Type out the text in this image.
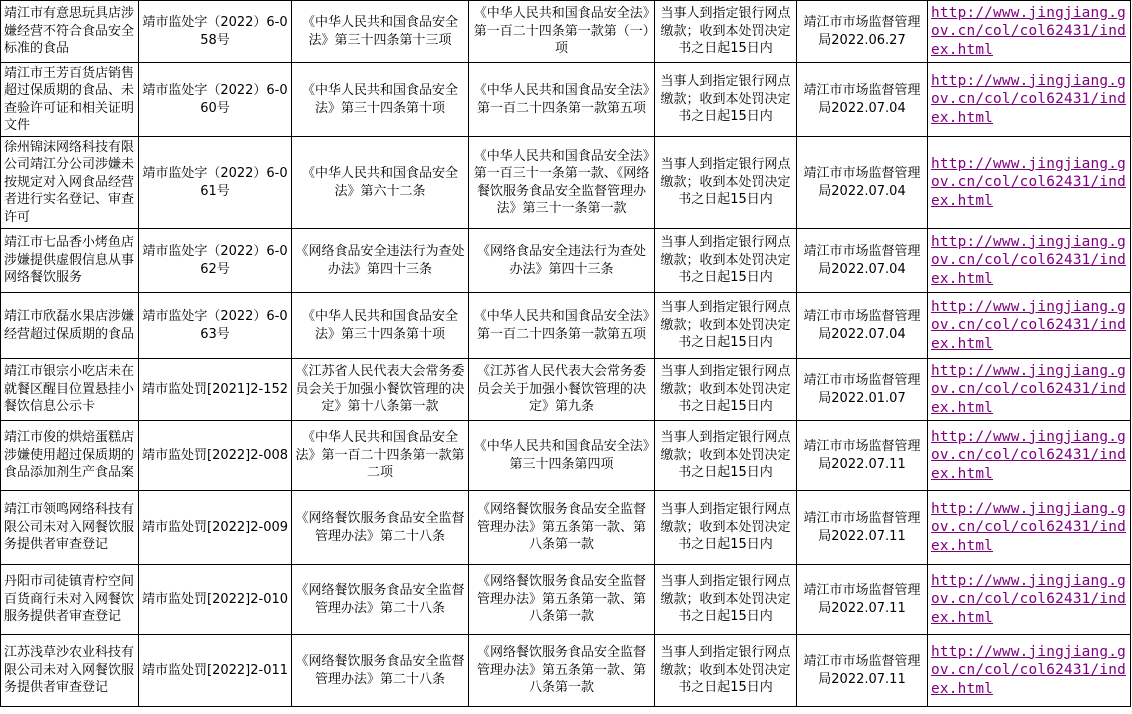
靖江市有意思玩具店涉嫌经营不符合食品安全标准的食品	靖市监处字（2022）6-058号	《中华人民共和国食品安全法》第三十四条第十三项	《中华人民共和国食品安全法》第一百二十四条第一款第（一）项	当事人到指定银行网点缴款；收到本处罚决定书之日起15日内	靖江市市场监督管理局2022.06.27	http://www.jingjiang.gov.cn/col/col62431/index.html
靖江市王芳百货店销售超过保质期的食品、未查验许可证和相关证明文件	靖市监处字（2022）6-060号	《中华人民共和国食品安全法》第三十四条第十项	《中华人民共和国食品安全法》第一百二十四条第一款第五项	当事人到指定银行网点缴款；收到本处罚决定书之日起15日内	靖江市市场监督管理局2022.07.04	http://www.jingjiang.gov.cn/col/col62431/index.html
徐州锦沫网络科技有限公司靖江分公司涉嫌未按规定对入网食品经营者进行实名登记、审查许可	靖市监处字（2022）6-061号	《中华人民共和国食品安全法》第六十二条	《中华人民共和国食品安全法》第一百三十一条第一款、《网络餐饮服务食品安全监督管理办法》第三十一条第一款	当事人到指定银行网点缴款；收到本处罚决定书之日起15日内	靖江市市场监督管理局2022.07.04	http://www.jingjiang.gov.cn/col/col62431/index.html
靖江市七品香小烤鱼店涉嫌提供虚假信息从事网络餐饮服务	靖市监处字（2022）6-062号	《网络食品安全违法行为查处办法》第四十三条	《网络食品安全违法行为查处办法》第四十三条	当事人到指定银行网点缴款；收到本处罚决定书之日起15日内	靖江市市场监督管理局2022.07.04	http://www.jingjiang.gov.cn/col/col62431/index.html
靖江市欣磊水果店涉嫌经营超过保质期的食品	靖市监处字（2022）6-063号	《中华人民共和国食品安全法》第三十四条第十项	《中华人民共和国食品安全法》第一百二十四条第一款第五项	当事人到指定银行网点缴款；收到本处罚决定书之日起15日内	靖江市市场监督管理局2022.07.04	http://www.jingjiang.gov.cn/col/col62431/index.html
靖江市银宗小吃店未在就餐区醒目位置悬挂小餐饮信息公示卡	靖市监处罚[2021]2-152	《江苏省人民代表大会常务委员会关于加强小餐饮管理的决定》第十八条第一款	《江苏省人民代表大会常务委员会关于加强小餐饮管理的决定》第九条	当事人到指定银行网点缴款；收到本处罚决定书之日起15日内	靖江市市场监督管理局2022.01.07	http://www.jingjiang.gov.cn/col/col62431/index.html
靖江市俊的烘焙蛋糕店涉嫌使用超过保质期的食品添加剂生产食品案	靖市监处罚[2022]2-008	《中华人民共和国食品安全法》第一百二十四条第一款第二项	《中华人民共和国食品安全法》第三十四条第四项	当事人到指定银行网点缴款；收到本处罚决定书之日起15日内	靖江市市场监督管理局2022.07.11	http://www.jingjiang.gov.cn/col/col62431/index.html
靖江市领鸣网络科技有限公司未对入网餐饮服务提供者审查登记	靖市监处罚[2022]2-009	《网络餐饮服务食品安全监督管理办法》第二十八条	《网络餐饮服务食品安全监督管理办法》第五条第一款、第八条第一款	当事人到指定银行网点缴款；收到本处罚决定书之日起15日内	靖江市市场监督管理局2022.07.11	http://www.jingjiang.gov.cn/col/col62431/index.html
丹阳市司徒镇青柠空间百货商行未对入网餐饮服务提供者审查登记	靖市监处罚[2022]2-010	《网络餐饮服务食品安全监督管理办法》第二十八条	《网络餐饮服务食品安全监督管理办法》第五条第一款、第八条第一款	当事人到指定银行网点缴款；收到本处罚决定书之日起15日内	靖江市市场监督管理局2022.07.11	http://www.jingjiang.gov.cn/col/col62431/index.html
江苏浅草沙农业科技有限公司未对入网餐饮服务提供者审查登记	靖市监处罚[2022]2-011	《网络餐饮服务食品安全监督管理办法》第二十八条	《网络餐饮服务食品安全监督管理办法》第五条第一款、第八条第一款	当事人到指定银行网点缴款；收到本处罚决定书之日起15日内	靖江市市场监督管理局2022.07.11	http://www.jingjiang.gov.cn/col/col62431/index.html
